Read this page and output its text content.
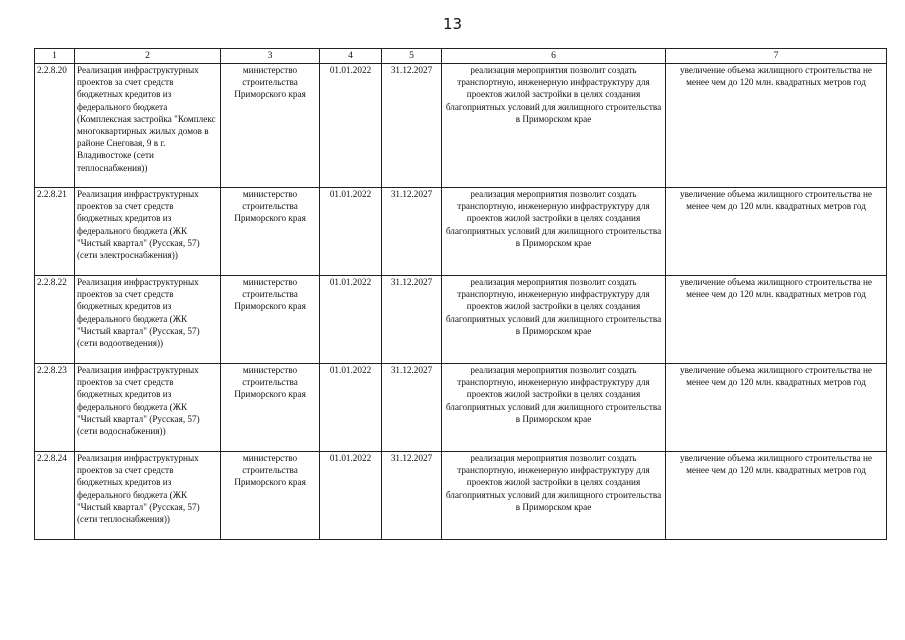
13
1	2	3	4	5	6	7
2.2.8.20	Реализация инфраструктурных проектов за счет средств бюджетных кредитов из федерального бюджета (Комплексная застройка "Комплекс многоквартирных жилых домов в районе Снеговая, 9 в г. Владивостоке (сети теплоснабжения))	министерство строительства Приморского края	01.01.2022	31.12.2027	реализация мероприятия позволит создать транспортную, инженерную инфраструктуру для проектов жилой застройки в целях создания благоприятных условий для жилищного строительства в Приморском крае	увеличение объема жилищного строительства не менее чем до 120 млн. квадратных метров год
2.2.8.21	Реализация инфраструктурных проектов за счет средств бюджетных кредитов из федерального бюджета (ЖК "Чистый квартал" (Русская, 57) (сети электроснабжения))	министерство строительства Приморского края	01.01.2022	31.12.2027	реализация мероприятия позволит создать транспортную, инженерную инфраструктуру для проектов жилой застройки в целях создания благоприятных условий для жилищного строительства в Приморском крае	увеличение объема жилищного строительства не менее чем до 120 млн. квадратных метров год
2.2.8.22	Реализация инфраструктурных проектов за счет средств бюджетных кредитов из федерального бюджета (ЖК "Чистый квартал" (Русская, 57) (сети водоотведения))	министерство строительства Приморского края	01.01.2022	31.12.2027	реализация мероприятия позволит создать транспортную, инженерную инфраструктуру для проектов жилой застройки в целях создания благоприятных условий для жилищного строительства в Приморском крае	увеличение объема жилищного строительства не менее чем до 120 млн. квадратных метров год
2.2.8.23	Реализация инфраструктурных проектов за счет средств бюджетных кредитов из федерального бюджета (ЖК "Чистый квартал" (Русская, 57) (сети водоснабжения))	министерство строительства Приморского края	01.01.2022	31.12.2027	реализация мероприятия позволит создать транспортную, инженерную инфраструктуру для проектов жилой застройки в целях создания благоприятных условий для жилищного строительства в Приморском крае	увеличение объема жилищного строительства не менее чем до 120 млн. квадратных метров год
2.2.8.24	Реализация инфраструктурных проектов за счет средств бюджетных кредитов из федерального бюджета (ЖК "Чистый квартал" (Русская, 57) (сети теплоснабжения))	министерство строительства Приморского края	01.01.2022	31.12.2027	реализация мероприятия позволит создать транспортную, инженерную инфраструктуру для проектов жилой застройки в целях создания благоприятных условий для жилищного строительства в Приморском крае	увеличение объема жилищного строительства не менее чем до 120 млн. квадратных метров год
